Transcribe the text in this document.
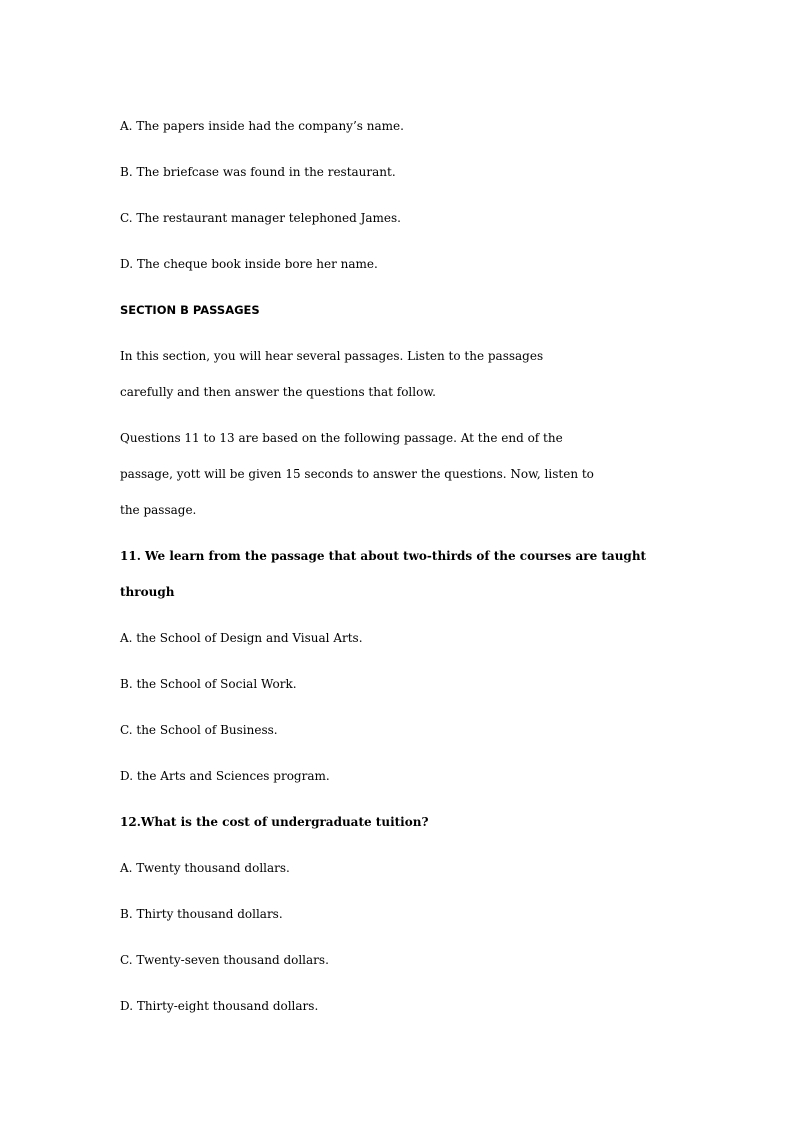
A. The papers inside had the company’s name.
B. The briefcase was found in the restaurant.
C. The restaurant manager telephoned James.
D. The cheque book inside bore her name.
SECTION B PASSAGES
In this section, you will hear several passages. Listen to the passages
carefully and then answer the questions that follow.
Questions 11 to 13 are based on the following passage. At the end of the
passage, yott will be given 15 seconds to answer the questions. Now, listen to
the passage.
11. We learn from the passage that about two-thirds of the courses are taught
through
A. the School of Design and Visual Arts.
B. the School of Social Work.
C. the School of Business.
D. the Arts and Sciences program.
12.What is the cost of undergraduate tuition?
A. Twenty thousand dollars.
B. Thirty thousand dollars.
C. Twenty-seven thousand dollars.
D. Thirty-eight thousand dollars.
